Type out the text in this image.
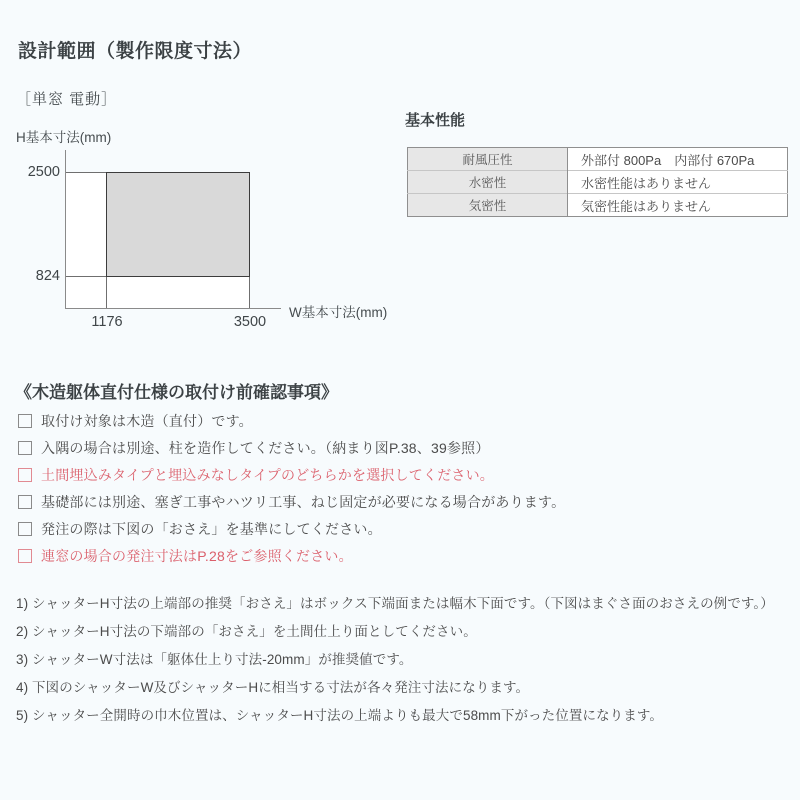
設計範囲（製作限度寸法）
［単窓 電動］
H基本寸法(mm)
2500
824
1176	3500
W基本寸法(mm)
基本性能
耐風圧性	外部付 800Pa　内部付 670Pa
水密性	水密性能はありません
気密性	気密性能はありません
《木造躯体直付仕様の取付け前確認事項》
取付け対象は木造（直付）です。
入隅の場合は別途、柱を造作してください。（納まり図P.38、39参照）
土間埋込みタイプと埋込みなしタイプのどちらかを選択してください。
基礎部には別途、塞ぎ工事やハツリ工事、ねじ固定が必要になる場合があります。
発注の際は下図の「おさえ」を基準にしてください。
連窓の場合の発注寸法はP.28をご参照ください。
1) シャッターH寸法の上端部の推奨「おさえ」はボックス下端面または幅木下面です。（下図はまぐさ面のおさえの例です。）
2) シャッターH寸法の下端部の「おさえ」を土間仕上り面としてください。
3) シャッターW寸法は「躯体仕上り寸法-20mm」が推奨値です。
4) 下図のシャッターW及びシャッターHに相当する寸法が各々発注寸法になります。
5) シャッター全開時の巾木位置は、シャッターH寸法の上端よりも最大で58mm下がった位置になります。
